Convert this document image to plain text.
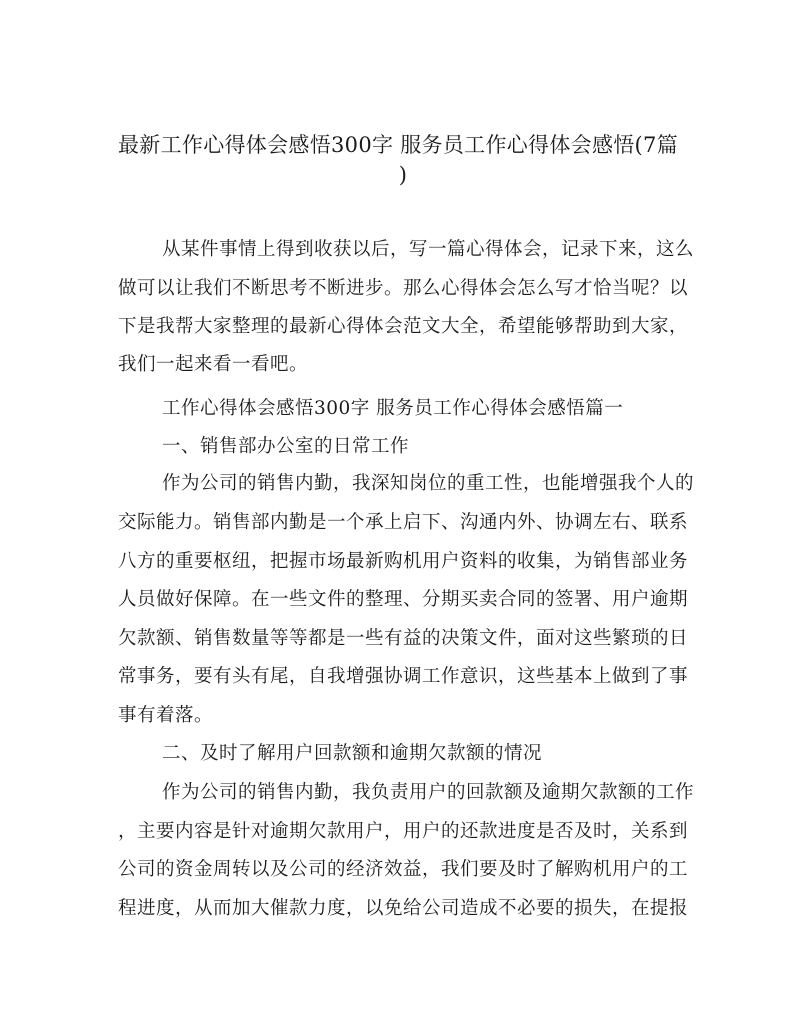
最新工作心得体会感悟300字 服务员工作心得体会感悟(7篇
)

从某件事情上得到收获以后，写一篇心得体会，记录下来，这么

做可以让我们不断思考不断进步。那么心得体会怎么写才恰当呢？以

下是我帮大家整理的最新心得体会范文大全，希望能够帮助到大家，

我们一起来看一看吧。

工作心得体会感悟300字 服务员工作心得体会感悟篇一

一、销售部办公室的日常工作

作为公司的销售内勤，我深知岗位的重工性，也能增强我个人的

交际能力。销售部内勤是一个承上启下、沟通内外、协调左右、联系

八方的重要枢纽，把握市场最新购机用户资料的收集，为销售部业务

人员做好保障。在一些文件的整理、分期买卖合同的签署、用户逾期

欠款额、销售数量等等都是一些有益的决策文件，面对这些繁琐的日

常事务，要有头有尾，自我增强协调工作意识，这些基本上做到了事

事有着落。

二、及时了解用户回款额和逾期欠款额的情况

作为公司的销售内勤，我负责用户的回款额及逾期欠款额的工作

，主要内容是针对逾期欠款用户，用户的还款进度是否及时，关系到

公司的资金周转以及公司的经济效益，我们要及时了解购机用户的工

程进度，从而加大催款力度，以免给公司造成不必要的损失，在提报
